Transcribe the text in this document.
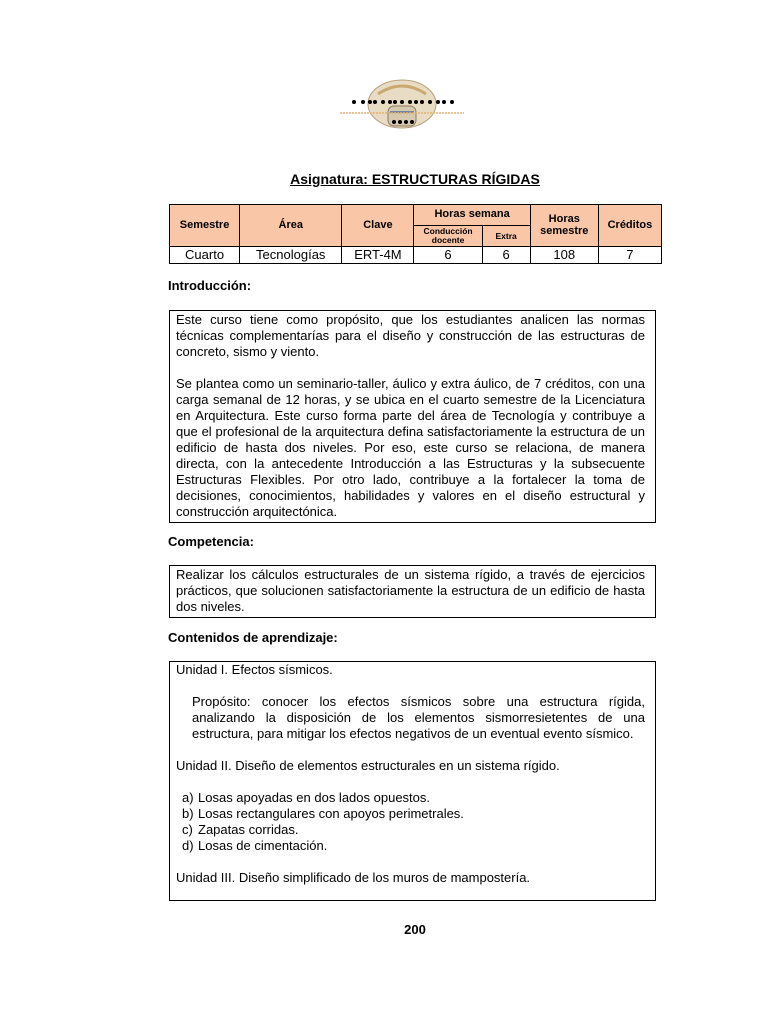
Asignatura: ESTRUCTURAS RÍGIDAS
Semestre	Área	Clave	Horas semana		Horas semestre	Créditos
			Conducción docente	Extra		
Cuarto	Tecnologías	ERT-4M	6	6	108	7
Introducción:

Este curso tiene como propósito, que los estudiantes analicen las normas técnicas complementarías para el diseño y construcción de las estructuras de concreto, sismo y viento.

Se plantea como un seminario-taller, áulico y extra áulico, de 7 créditos, con una carga semanal de 12 horas, y se ubica en el cuarto semestre de la Licenciatura en Arquitectura. Este curso forma parte del área de Tecnología y contribuye a que el profesional de la arquitectura defina satisfactoriamente la estructura de un edificio de hasta dos niveles. Por eso, este curso se relaciona, de manera directa, con la antecedente Introducción a las Estructuras y la subsecuente Estructuras Flexibles. Por otro lado, contribuye a la fortalecer la toma de decisiones, conocimientos, habilidades y valores en el diseño estructural y construcción arquitectónica.

Competencia:

Realizar los cálculos estructurales de un sistema rígido, a través de ejercicios prácticos, que solucionen satisfactoriamente la estructura de un edificio de hasta dos niveles.

Contenidos de aprendizaje:

Unidad I. Efectos sísmicos.

Propósito: conocer los efectos sísmicos sobre una estructura rígida, analizando la disposición de los elementos sismorresietentes de una estructura, para mitigar los efectos negativos de un eventual evento sísmico.

Unidad II. Diseño de elementos estructurales en un sistema rígido.

a) Losas apoyadas en dos lados opuestos.
b) Losas rectangulares con apoyos perimetrales.
c) Zapatas corridas.
d) Losas de cimentación.

Unidad III. Diseño simplificado de los muros de mampostería.

200
